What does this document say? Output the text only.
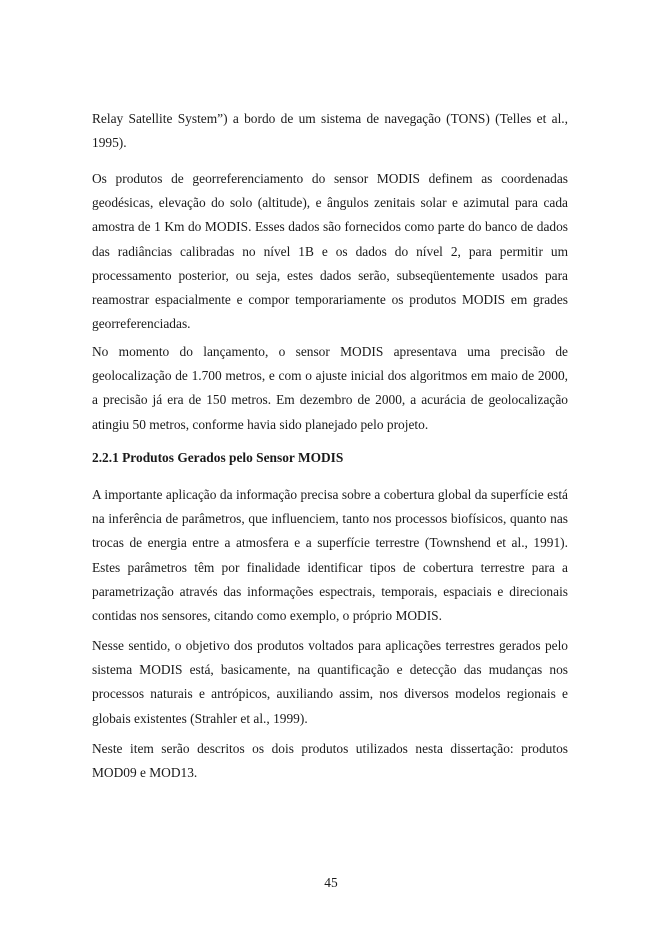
Relay Satellite System”) a bordo de um sistema de navegação (TONS) (Telles et al., 1995).

Os produtos de georreferenciamento do sensor MODIS definem as coordenadas geodésicas, elevação do solo (altitude), e ângulos zenitais solar e azimutal para cada amostra de 1 Km do MODIS. Esses dados são fornecidos como parte do banco de dados das radiâncias calibradas no nível 1B e os dados do nível 2, para permitir um processamento posterior, ou seja, estes dados serão, subseqüentemente usados para reamostrar espacialmente e compor temporariamente os produtos MODIS em grades georreferenciadas.

No momento do lançamento, o sensor MODIS apresentava uma precisão de geolocalização de 1.700 metros, e com o ajuste inicial dos algoritmos em maio de 2000, a precisão já era de 150 metros. Em dezembro de 2000, a acurácia de geolocalização atingiu 50 metros, conforme havia sido planejado pelo projeto.

2.2.1 Produtos Gerados pelo Sensor MODIS

A importante aplicação da informação precisa sobre a cobertura global da superfície está na inferência de parâmetros, que influenciem, tanto nos processos biofísicos, quanto nas trocas de energia entre a atmosfera e a superfície terrestre (Townshend et al., 1991). Estes parâmetros têm por finalidade identificar tipos de cobertura terrestre para a parametrização através das informações espectrais, temporais, espaciais e direcionais contidas nos sensores, citando como exemplo, o próprio MODIS.

Nesse sentido, o objetivo dos produtos voltados para aplicações terrestres gerados pelo sistema MODIS está, basicamente, na quantificação e detecção das mudanças nos processos naturais e antrópicos, auxiliando assim, nos diversos modelos regionais e globais existentes (Strahler et al., 1999).

Neste item serão descritos os dois produtos utilizados nesta dissertação: produtos MOD09 e MOD13.

45
